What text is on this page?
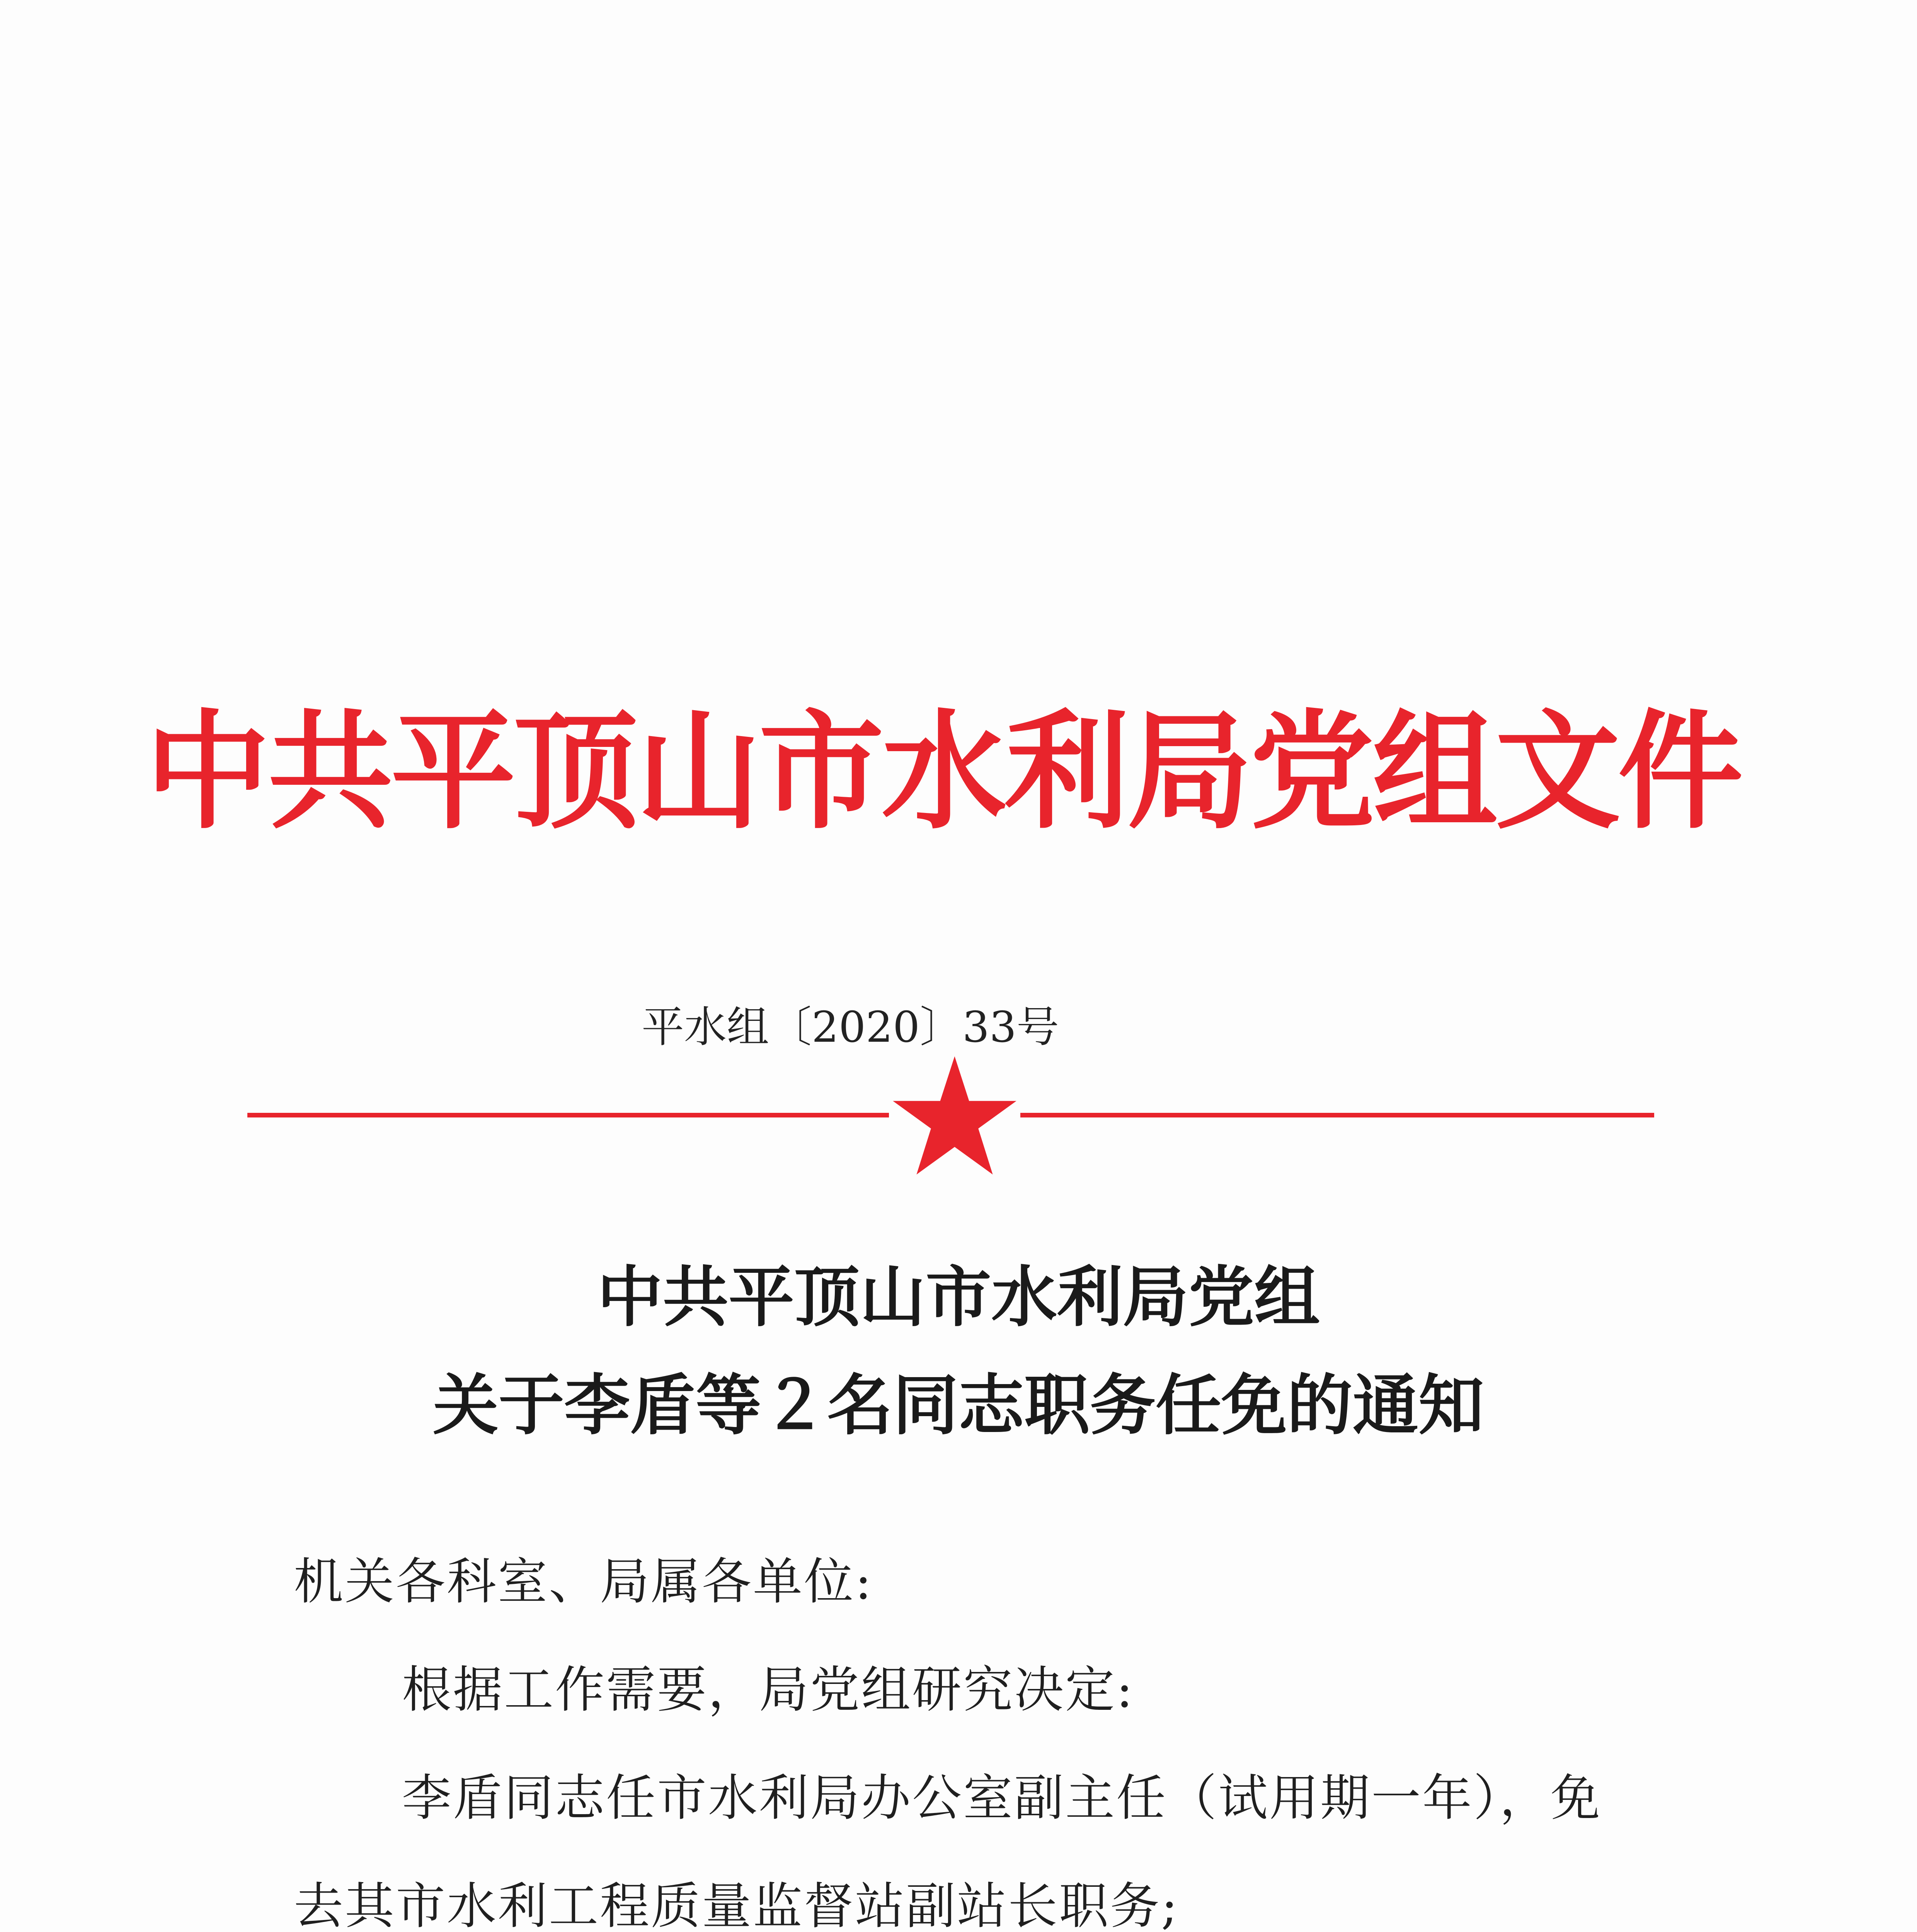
中共平顶山市水利局党组文件
平水组〔2020〕33号
中共平顶山市水利局党组
关于李盾等２名同志职务任免的通知
机关各科室、局属各单位:
根据工作需要，局党组研究决定:
李盾同志任市水利局办公室副主任（试用期一年），免
去其市水利工程质量监督站副站长职务;
